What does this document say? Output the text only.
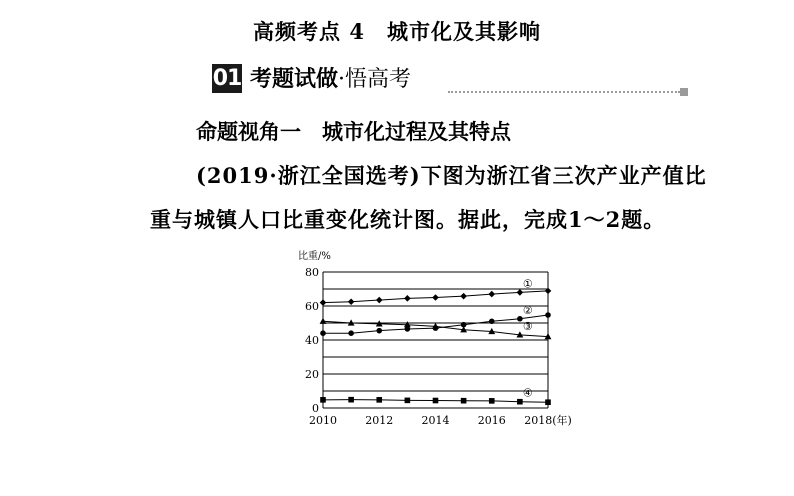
高频考点 4　城市化及其影响
01 考题试做·悟高考
命题视角一　城市化过程及其特点
(2019·浙江全国选考)下图为浙江省三次产业产值比
重与城镇人口比重变化统计图。据此，完成1～2题。
0
20
40
60
80
2010	2012	2014	2016 2018(年)
①
②
③
④
比重/%
